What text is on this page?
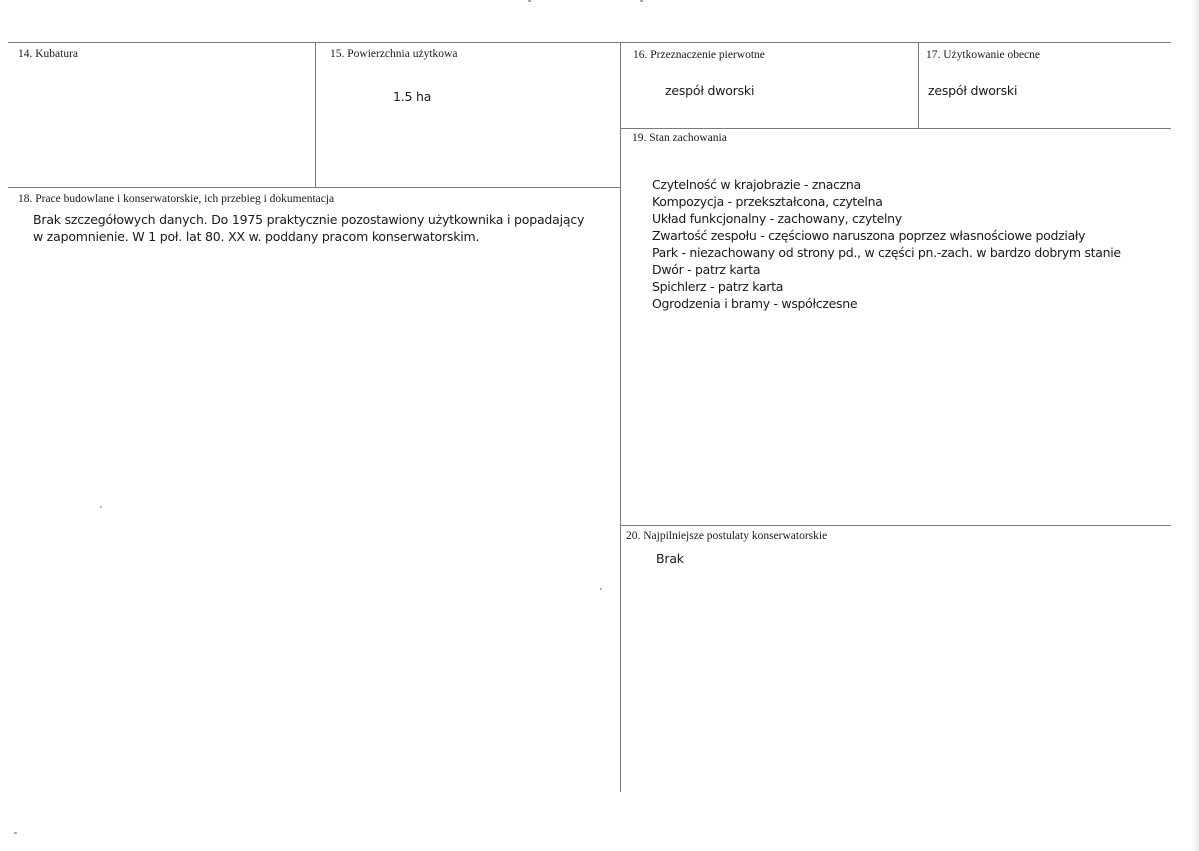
14. Kubatura	15. Powierzchnia użytkowa
1.5 ha
16. Przeznaczenie pierwotne
zespół dworski
17. Użytkowanie obecne
zespół dworski
19. Stan zachowania
Czytelność w krajobrazie - znaczna
Kompozycja - przekształcona, czytelna
Układ funkcjonalny - zachowany, czytelny
Zwartość zespołu - częściowo naruszona poprzez własnościowe podziały
Park - niezachowany od strony pd., w części pn.-zach. w bardzo dobrym stanie
Dwór - patrz karta
Spichlerz - patrz karta
Ogrodzenia i bramy - współczesne
18. Prace budowlane i konserwatorskie, ich przebieg i dokumentacja
Brak szczegółowych danych. Do 1975 praktycznie pozostawiony użytkownika i popadający
w zapomnienie. W 1 poł. lat 80. XX w. poddany pracom konserwatorskim.
20. Najpilniejsze postulaty konserwatorskie
Brak
